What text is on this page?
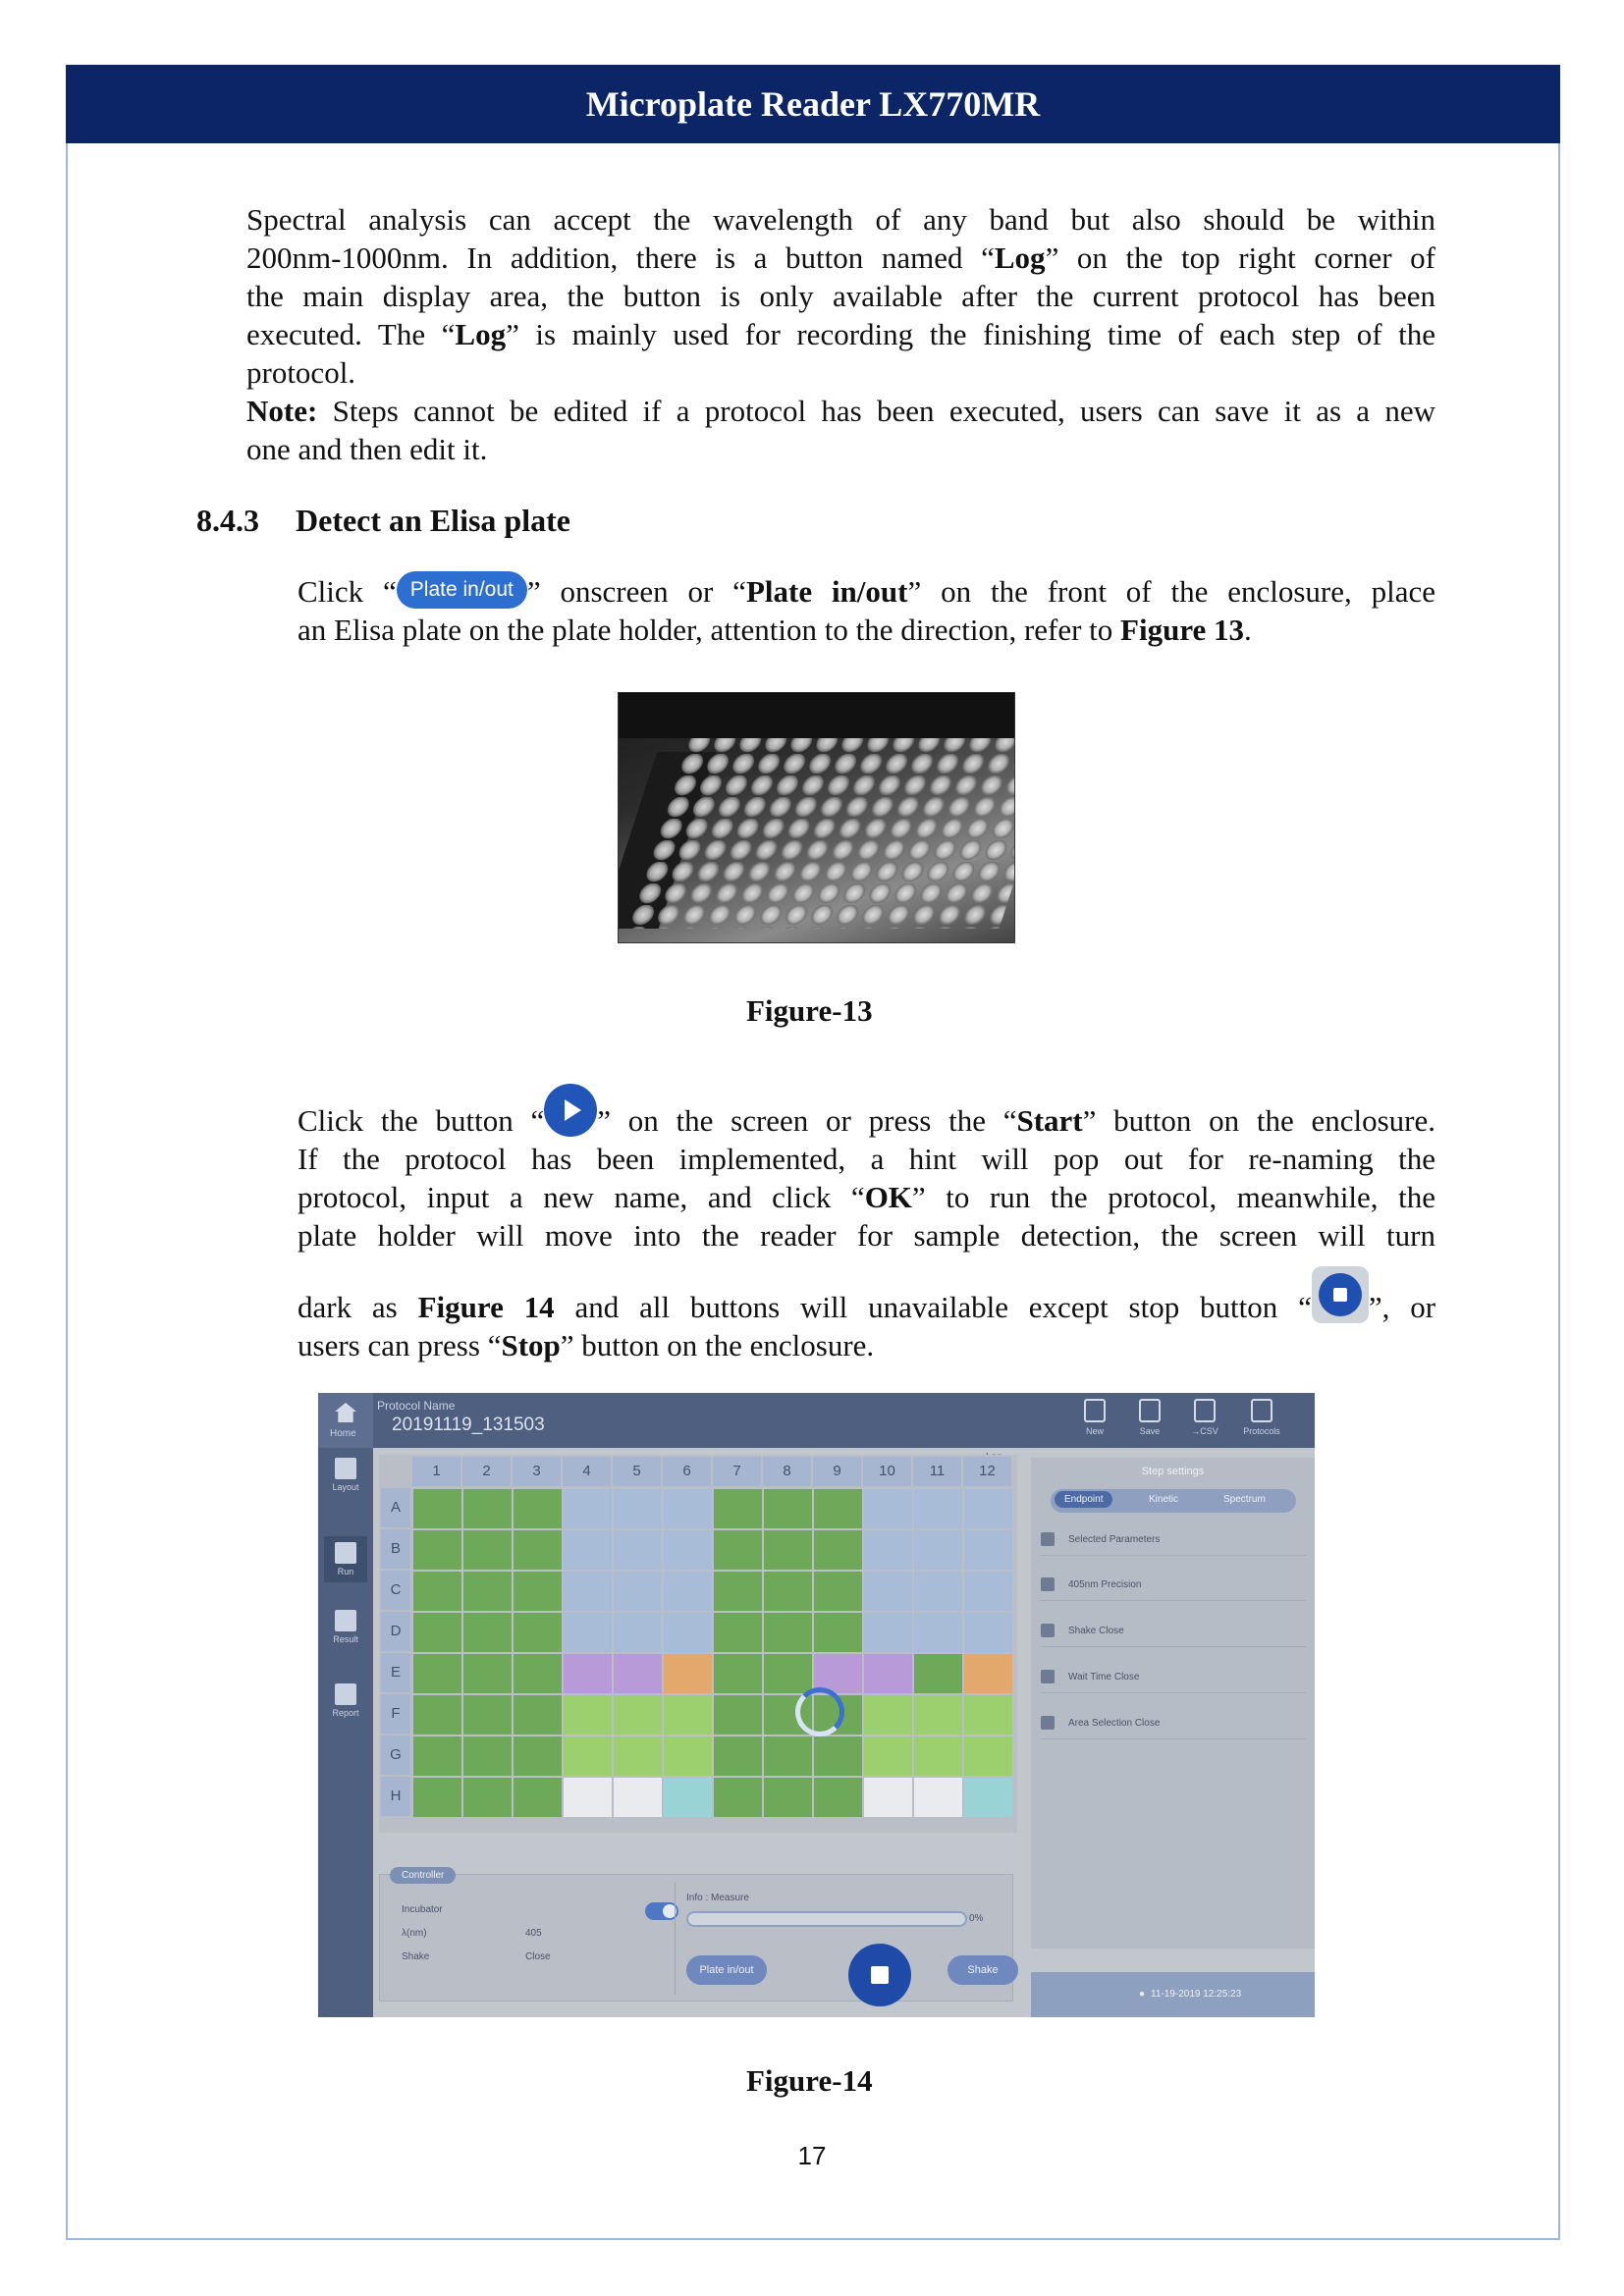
Microplate Reader LX770MR
Spectral analysis can accept the wavelength of any band but also should be within
200nm-1000nm. In addition, there is a button named “Log” on the top right corner of
the main display area, the button is only available after the current protocol has been
executed. The “Log” is mainly used for recording the finishing time of each step of the
protocol.
Note: Steps cannot be edited if a protocol has been executed, users can save it as a new
one and then edit it.
8.4.3 Detect an Elisa plate
Click “ Plate in/out ” onscreen or “Plate in/out” on the front of the enclosure, place
an Elisa plate on the plate holder, attention to the direction, refer to Figure 13.
Figure-13
Click the button “ ” on the screen or press the “Start” button on the enclosure.
If the protocol has been implemented, a hint will pop out for re-naming the
protocol, input a new name, and click “OK” to run the protocol, meanwhile, the
plate holder will move into the reader for sample detection, the screen will turn
dark as Figure 14 and all buttons will unavailable except stop button “ ”, or
users can press “Stop” button on the enclosure.
Home
Protocol Name
20191119_131503	New	Save	→CSV	Protocols
Layout
Run
Result
Report
1	2	3	4	5	6	7	8	9	10	11	12
A
B
C
D
E
F
G
H
Step settings
Endpoint	Kinetic	Spectrum
Selected Parameters
405nm Precision
Shake Close
Wait Time Close
Area Selection Close
Controller
Incubator
λ(nm)	405
Shake	Close
Info : Measure
0%
Plate in/out	Shake
● 11-19-2019 12:25:23
Figure-14
17
